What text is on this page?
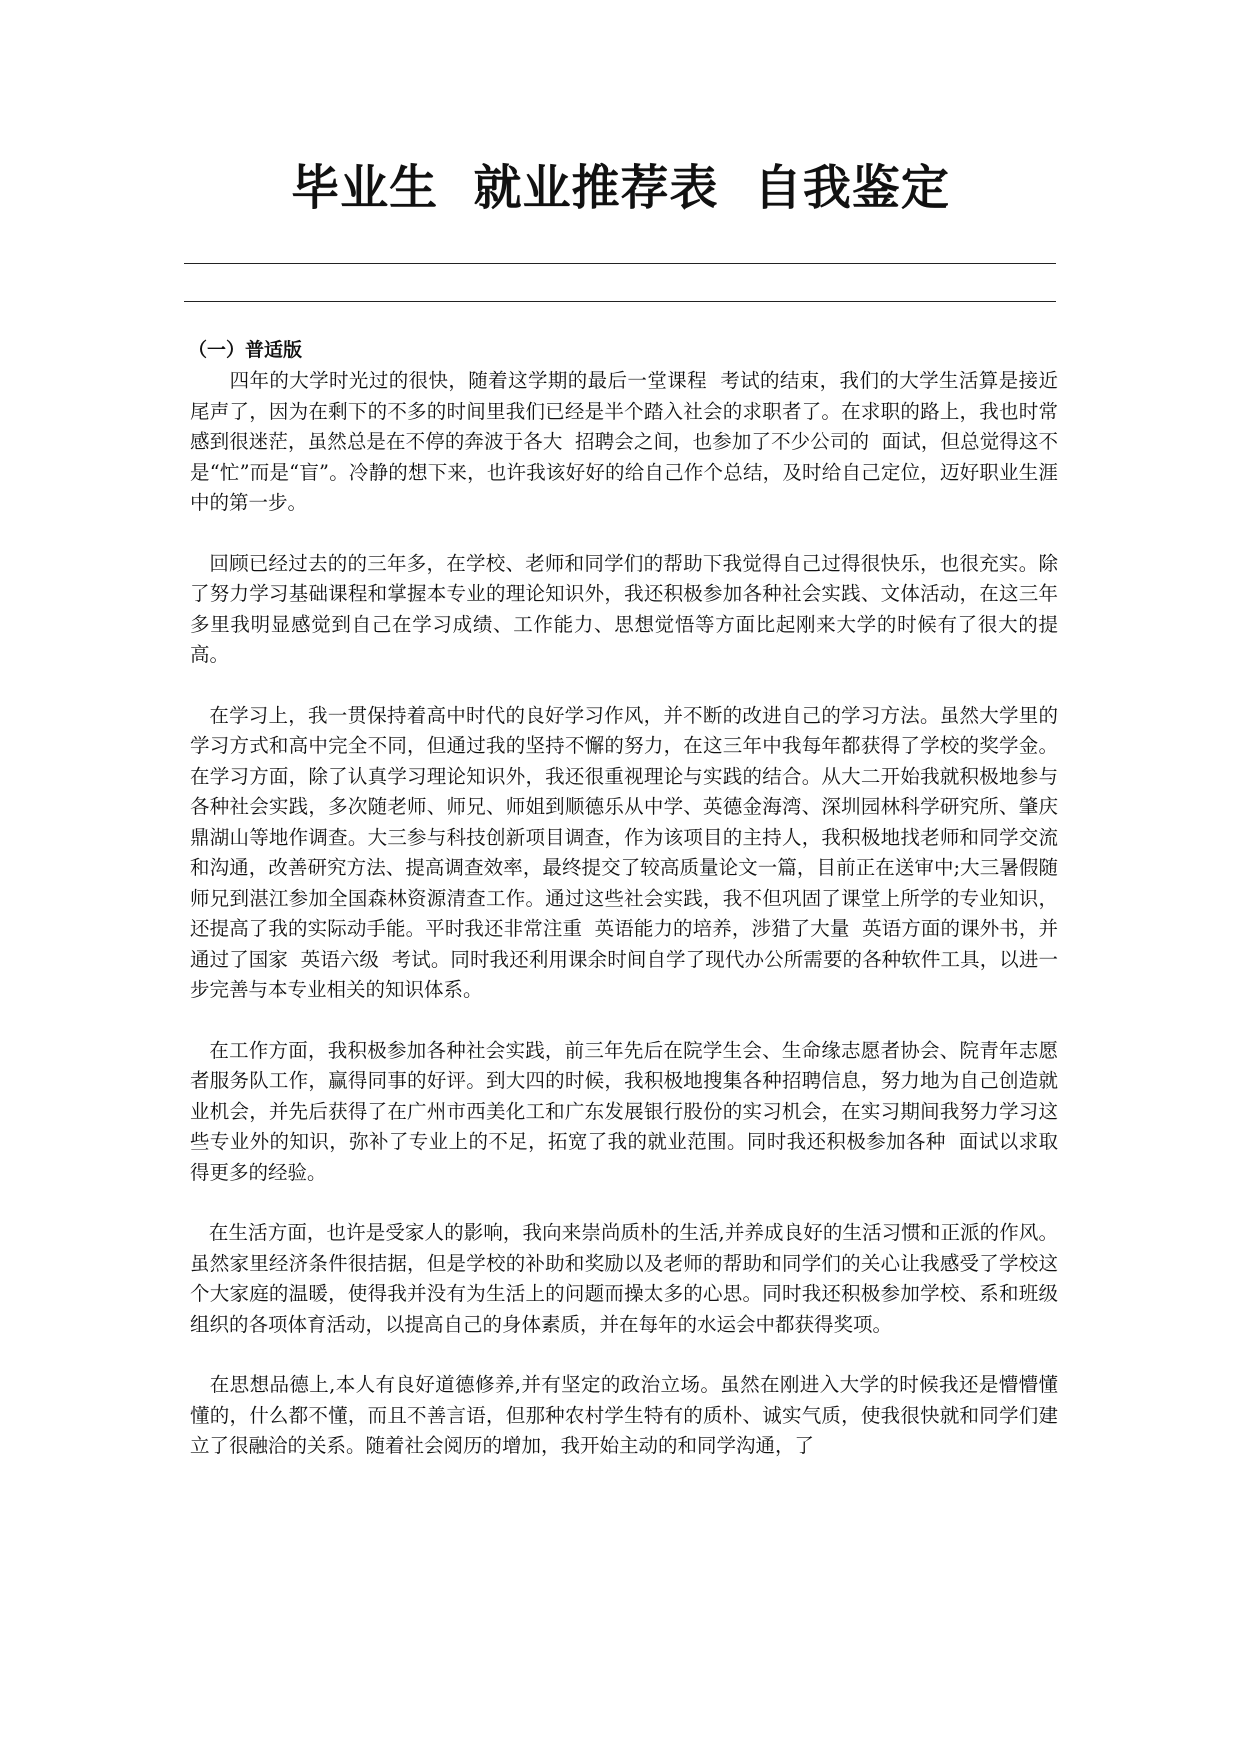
毕业生  就业推荐表  自我鉴定
（一）普适版

四年的大学时光过的很快，随着这学期的最后一堂课程  考试的结束，我们的大学生活算是接近尾声了，因为在剩下的不多的时间里我们已经是半个踏入社会的求职者了。在求职的路上，我也时常感到很迷茫，虽然总是在不停的奔波于各大  招聘会之间，也参加了不少公司的  面试，但总觉得这不是“忙”而是“盲”。冷静的想下来，也许我该好好的给自己作个总结，及时给自己定位，迈好职业生涯中的第一步。

回顾已经过去的的三年多，在学校、老师和同学们的帮助下我觉得自己过得很快乐，也很充实。除了努力学习基础课程和掌握本专业的理论知识外，我还积极参加各种社会实践、文体活动，在这三年多里我明显感觉到自己在学习成绩、工作能力、思想觉悟等方面比起刚来大学的时候有了很大的提高。

在学习上，我一贯保持着高中时代的良好学习作风，并不断的改进自己的学习方法。虽然大学里的学习方式和高中完全不同，但通过我的坚持不懈的努力，在这三年中我每年都获得了学校的奖学金。在学习方面，除了认真学习理论知识外，我还很重视理论与实践的结合。从大二开始我就积极地参与各种社会实践，多次随老师、师兄、师姐到顺德乐从中学、英德金海湾、深圳园林科学研究所、肇庆鼎湖山等地作调查。大三参与科技创新项目调查，作为该项目的主持人，我积极地找老师和同学交流和沟通，改善研究方法、提高调查效率，最终提交了较高质量论文一篇，目前正在送审中;大三暑假随师兄到湛江参加全国森林资源清查工作。通过这些社会实践，我不但巩固了课堂上所学的专业知识，还提高了我的实际动手能。平时我还非常注重  英语能力的培养，涉猎了大量  英语方面的课外书，并通过了国家  英语六级  考试。同时我还利用课余时间自学了现代办公所需要的各种软件工具，以进一步完善与本专业相关的知识体系。

在工作方面，我积极参加各种社会实践，前三年先后在院学生会、生命缘志愿者协会、院青年志愿者服务队工作，赢得同事的好评。到大四的时候，我积极地搜集各种招聘信息，努力地为自己创造就业机会，并先后获得了在广州市西美化工和广东发展银行股份的实习机会，在实习期间我努力学习这些专业外的知识，弥补了专业上的不足，拓宽了我的就业范围。同时我还积极参加各种  面试以求取得更多的经验。

在生活方面，也许是受家人的影响，我向来崇尚质朴的生活,并养成良好的生活习惯和正派的作风。虽然家里经济条件很拮据，但是学校的补助和奖励以及老师的帮助和同学们的关心让我感受了学校这个大家庭的温暖，使得我并没有为生活上的问题而操太多的心思。同时我还积极参加学校、系和班级组织的各项体育活动，以提高自己的身体素质，并在每年的水运会中都获得奖项。

在思想品德上,本人有良好道德修养,并有坚定的政治立场。虽然在刚进入大学的时候我还是懵懵懂懂的，什么都不懂，而且不善言语，但那种农村学生特有的质朴、诚实气质，使我很快就和同学们建立了很融洽的关系。随着社会阅历的增加，我开始主动的和同学沟通，了
